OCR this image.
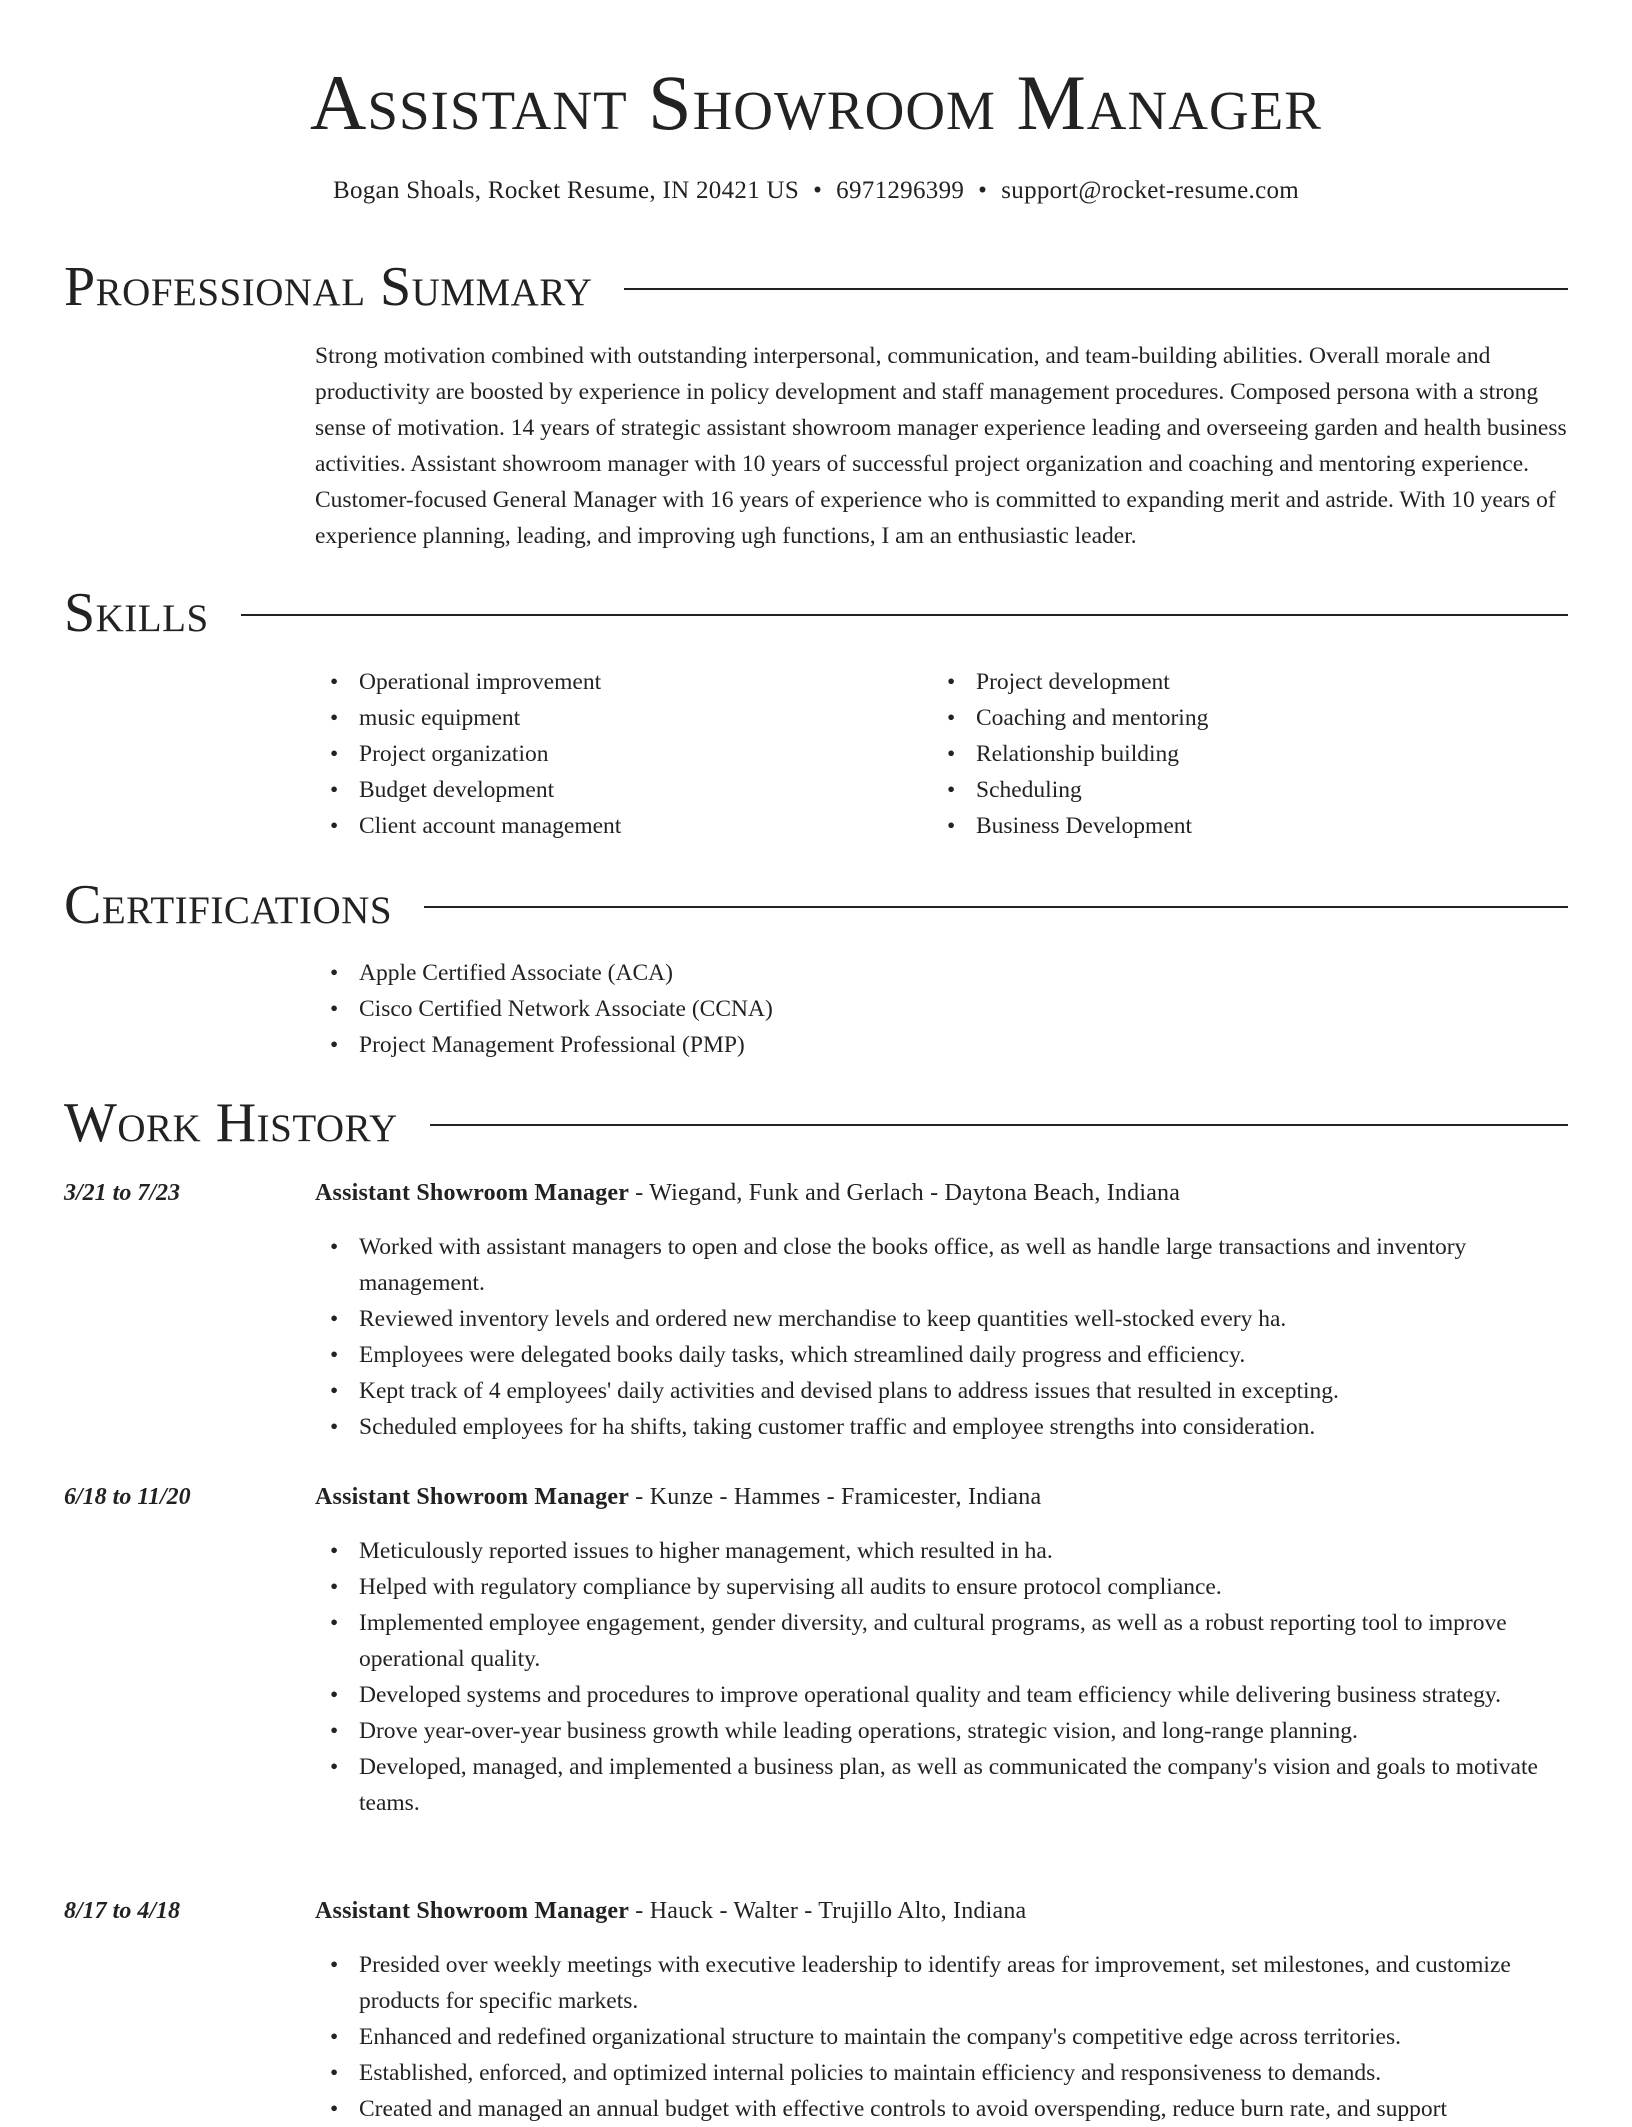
Assistant Showroom Manager
Bogan Shoals, Rocket Resume, IN 20421 US • 6971296399 • support@rocket-resume.com
Professional Summary
Strong motivation combined with outstanding interpersonal, communication, and team-building abilities. Overall morale and productivity are boosted by experience in policy development and staff management procedures. Composed persona with a strong sense of motivation. 14 years of strategic assistant showroom manager experience leading and overseeing garden and health business activities. Assistant showroom manager with 10 years of successful project organization and coaching and mentoring experience. Customer-focused General Manager with 16 years of experience who is committed to expanding merit and astride. With 10 years of experience planning, leading, and improving ugh functions, I am an enthusiastic leader.
Skills
• Operational improvement
• music equipment
• Project organization
• Budget development
• Client account management
• Project development
• Coaching and mentoring
• Relationship building
• Scheduling
• Business Development
Certifications
• Apple Certified Associate (ACA)
• Cisco Certified Network Associate (CCNA)
• Project Management Professional (PMP)
Work History
3/21 to 7/23	Assistant Showroom Manager - Wiegand, Funk and Gerlach - Daytona Beach, Indiana
• Worked with assistant managers to open and close the books office, as well as handle large transactions and inventory management.
• Reviewed inventory levels and ordered new merchandise to keep quantities well-stocked every ha.
• Employees were delegated books daily tasks, which streamlined daily progress and efficiency.
• Kept track of 4 employees' daily activities and devised plans to address issues that resulted in excepting.
• Scheduled employees for ha shifts, taking customer traffic and employee strengths into consideration.
6/18 to 11/20	Assistant Showroom Manager - Kunze - Hammes - Framicester, Indiana
• Meticulously reported issues to higher management, which resulted in ha.
• Helped with regulatory compliance by supervising all audits to ensure protocol compliance.
• Implemented employee engagement, gender diversity, and cultural programs, as well as a robust reporting tool to improve operational quality.
• Developed systems and procedures to improve operational quality and team efficiency while delivering business strategy.
• Drove year-over-year business growth while leading operations, strategic vision, and long-range planning.
• Developed, managed, and implemented a business plan, as well as communicated the company's vision and goals to motivate teams.
8/17 to 4/18	Assistant Showroom Manager - Hauck - Walter - Trujillo Alto, Indiana
• Presided over weekly meetings with executive leadership to identify areas for improvement, set milestones, and customize products for specific markets.
• Enhanced and redefined organizational structure to maintain the company's competitive edge across territories.
• Established, enforced, and optimized internal policies to maintain efficiency and responsiveness to demands.
• Created and managed an annual budget with effective controls to avoid overspending, reduce burn rate, and support
